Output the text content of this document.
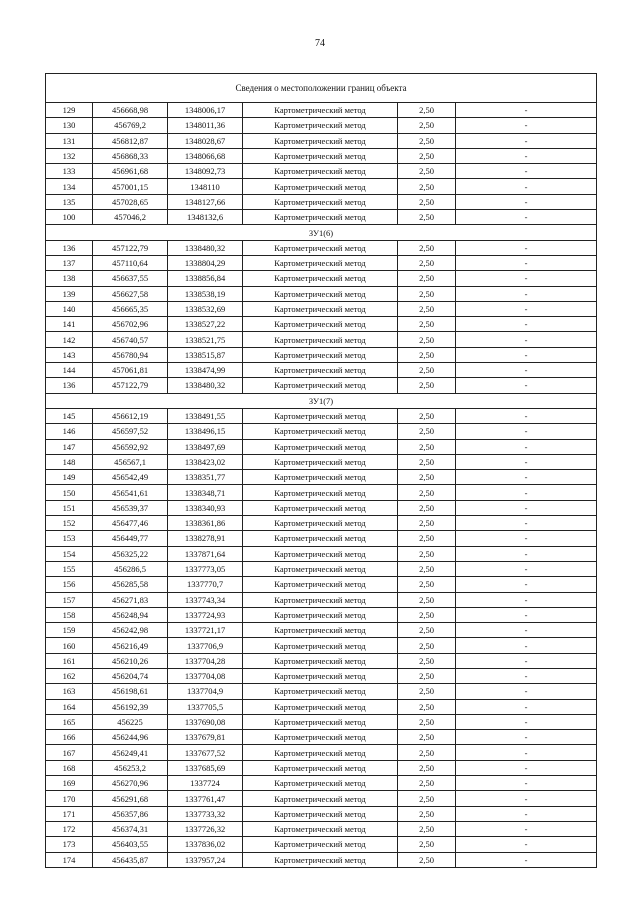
74
Сведения о местоположении границ объекта					
129	456668,98	1348006,17	Картометрический метод	2,50	-
130	456769,2	1348011,36	Картометрический метод	2,50	-
131	456812,87	1348028,67	Картометрический метод	2,50	-
132	456868,33	1348066,68	Картометрический метод	2,50	-
133	456961,68	1348092,73	Картометрический метод	2,50	-
134	457001,15	1348110	Картометрический метод	2,50	-
135	457028,65	1348127,66	Картометрический метод	2,50	-
100	457046,2	1348132,6	Картометрический метод	2,50	-
ЗУ1(6)					
136	457122,79	1338480,32	Картометрический метод	2,50	-
137	457110,64	1338804,29	Картометрический метод	2,50	-
138	456637,55	1338856,84	Картометрический метод	2,50	-
139	456627,58	1338538,19	Картометрический метод	2,50	-
140	456665,35	1338532,69	Картометрический метод	2,50	-
141	456702,96	1338527,22	Картометрический метод	2,50	-
142	456740,57	1338521,75	Картометрический метод	2,50	-
143	456780,94	1338515,87	Картометрический метод	2,50	-
144	457061,81	1338474,99	Картометрический метод	2,50	-
136	457122,79	1338480,32	Картометрический метод	2,50	-
ЗУ1(7)					
145	456612,19	1338491,55	Картометрический метод	2,50	-
146	456597,52	1338496,15	Картометрический метод	2,50	-
147	456592,92	1338497,69	Картометрический метод	2,50	-
148	456567,1	1338423,02	Картометрический метод	2,50	-
149	456542,49	1338351,77	Картометрический метод	2,50	-
150	456541,61	1338348,71	Картометрический метод	2,50	-
151	456539,37	1338340,93	Картометрический метод	2,50	-
152	456477,46	1338361,86	Картометрический метод	2,50	-
153	456449,77	1338278,91	Картометрический метод	2,50	-
154	456325,22	1337871,64	Картометрический метод	2,50	-
155	456286,5	1337773,05	Картометрический метод	2,50	-
156	456285,58	1337770,7	Картометрический метод	2,50	-
157	456271,83	1337743,34	Картометрический метод	2,50	-
158	456248,94	1337724,93	Картометрический метод	2,50	-
159	456242,98	1337721,17	Картометрический метод	2,50	-
160	456216,49	1337706,9	Картометрический метод	2,50	-
161	456210,26	1337704,28	Картометрический метод	2,50	-
162	456204,74	1337704,08	Картометрический метод	2,50	-
163	456198,61	1337704,9	Картометрический метод	2,50	-
164	456192,39	1337705,5	Картометрический метод	2,50	-
165	456225	1337690,08	Картометрический метод	2,50	-
166	456244,96	1337679,81	Картометрический метод	2,50	-
167	456249,41	1337677,52	Картометрический метод	2,50	-
168	456253,2	1337685,69	Картометрический метод	2,50	-
169	456270,96	1337724	Картометрический метод	2,50	-
170	456291,68	1337761,47	Картометрический метод	2,50	-
171	456357,86	1337733,32	Картометрический метод	2,50	-
172	456374,31	1337726,32	Картометрический метод	2,50	-
173	456403,55	1337836,02	Картометрический метод	2,50	-
174	456435,87	1337957,24	Картометрический метод	2,50	-
